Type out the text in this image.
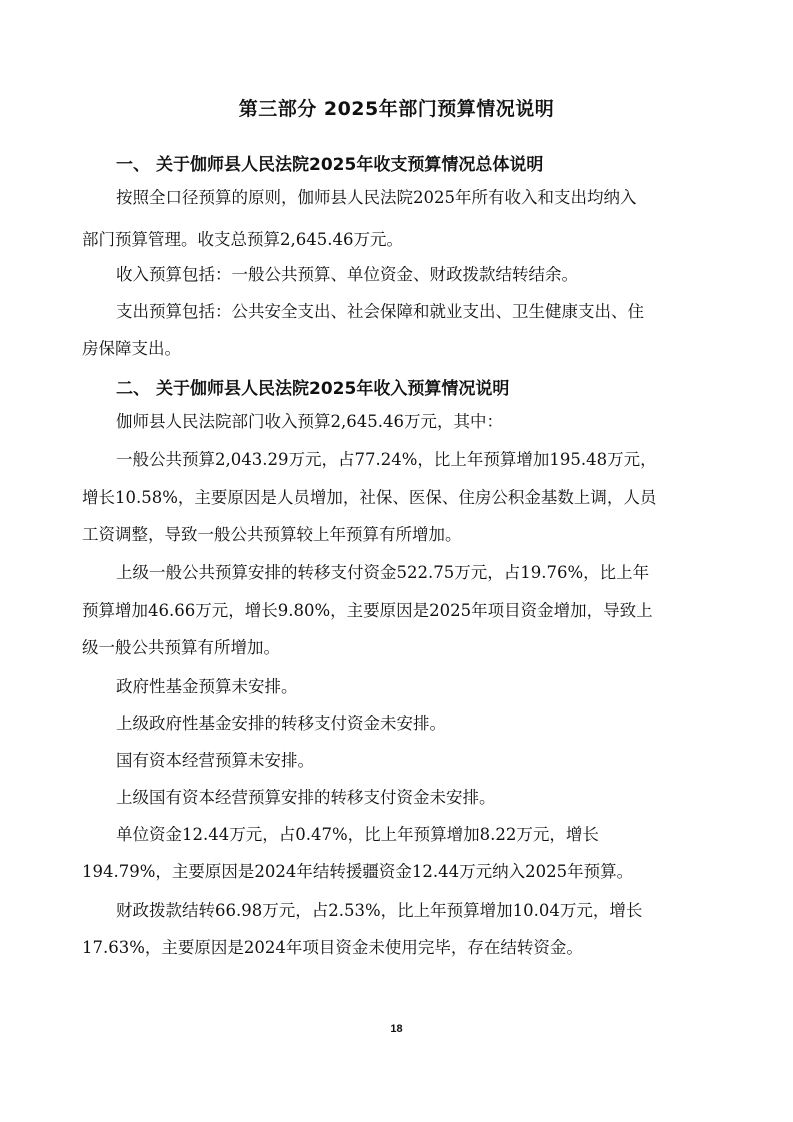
第三部分 2025年部门预算情况说明
一、 关于伽师县人民法院2025年收支预算情况总体说明
按照全口径预算的原则，伽师县人民法院2025年所有收入和支出均纳入
部门预算管理。收支总预算2,645.46万元。
收入预算包括：一般公共预算、单位资金、财政拨款结转结余。
支出预算包括：公共安全支出、社会保障和就业支出、卫生健康支出、住
房保障支出。
二、 关于伽师县人民法院2025年收入预算情况说明
伽师县人民法院部门收入预算2,645.46万元，其中：
一般公共预算2,043.29万元，占77.24%，比上年预算增加195.48万元，
增长10.58%，主要原因是人员增加，社保、医保、住房公积金基数上调，人员
工资调整，导致一般公共预算较上年预算有所增加。
上级一般公共预算安排的转移支付资金522.75万元，占19.76%，比上年
预算增加46.66万元，增长9.80%，主要原因是2025年项目资金增加，导致上
级一般公共预算有所增加。
政府性基金预算未安排。
上级政府性基金安排的转移支付资金未安排。
国有资本经营预算未安排。
上级国有资本经营预算安排的转移支付资金未安排。
单位资金12.44万元，占0.47%，比上年预算增加8.22万元，增长
194.79%，主要原因是2024年结转援疆资金12.44万元纳入2025年预算。
财政拨款结转66.98万元，占2.53%，比上年预算增加10.04万元，增长
17.63%，主要原因是2024年项目资金未使用完毕，存在结转资金。
18
